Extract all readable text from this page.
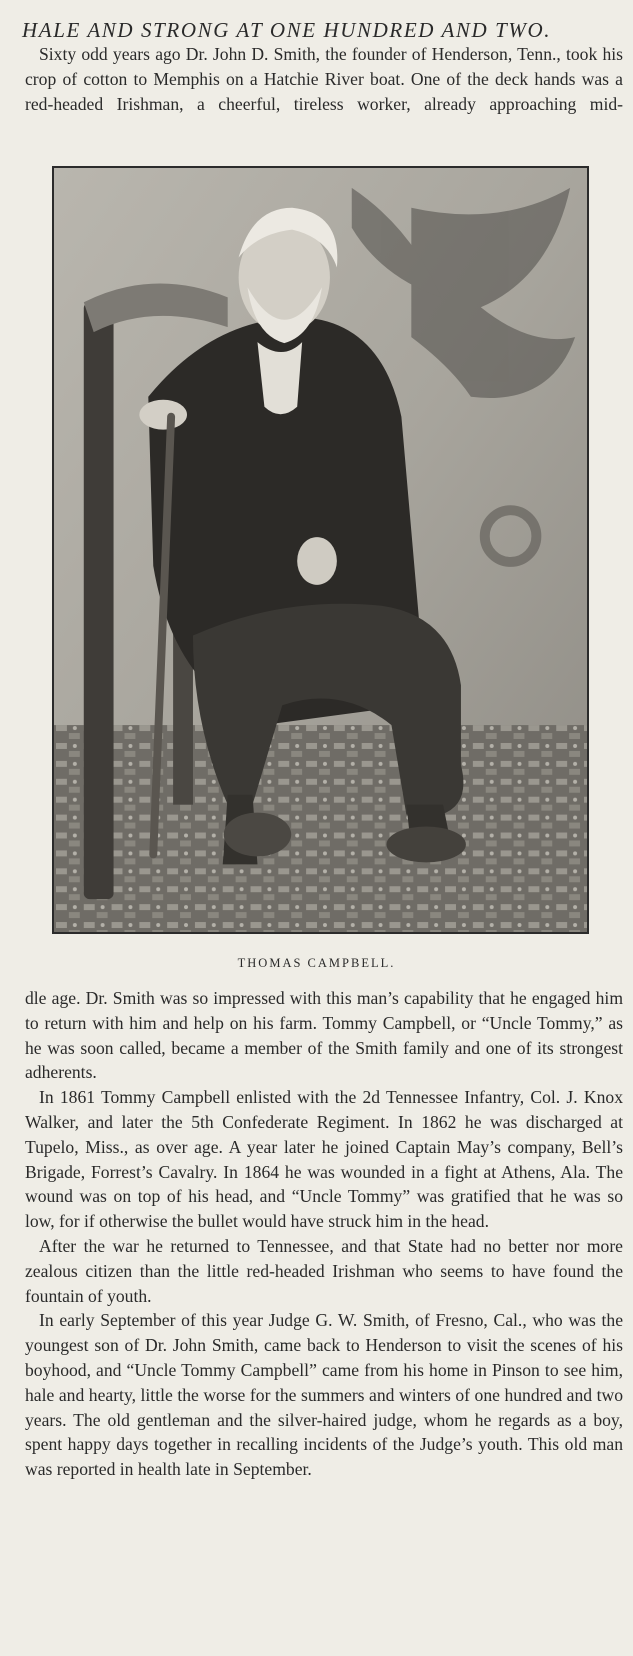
HALE AND STRONG AT ONE HUNDRED AND TWO.

Sixty odd years ago Dr. John D. Smith, the founder of Henderson, Tenn., took his crop of cotton to Memphis on a Hatchie River boat. One of the deck hands was a red-headed Irishman, a cheerful, tireless worker, already approaching mid-

THOMAS CAMPBELL.

dle age. Dr. Smith was so impressed with this man’s capability that he engaged him to return with him and help on his farm. Tommy Campbell, or “Uncle Tommy,” as he was soon called, became a member of the Smith family and one of its strongest adherents.

In 1861 Tommy Campbell enlisted with the 2d Tennessee Infantry, Col. J. Knox Walker, and later the 5th Confederate Regiment. In 1862 he was discharged at Tupelo, Miss., as over age. A year later he joined Captain May’s company, Bell’s Brigade, Forrest’s Cavalry. In 1864 he was wounded in a fight at Athens, Ala. The wound was on top of his head, and “Uncle Tommy” was gratified that he was so low, for if otherwise the bullet would have struck him in the head.

After the war he returned to Tennessee, and that State had no better nor more zealous citizen than the little red-headed Irishman who seems to have found the fountain of youth.

In early September of this year Judge G. W. Smith, of Fresno, Cal., who was the youngest son of Dr. John Smith, came back to Henderson to visit the scenes of his boyhood, and “Uncle Tommy Campbell” came from his home in Pinson to see him, hale and hearty, little the worse for the summers and winters of one hundred and two years. The old gentleman and the silver-haired judge, whom he regards as a boy, spent happy days together in recalling incidents of the Judge’s youth. This old man was reported in health late in September.
